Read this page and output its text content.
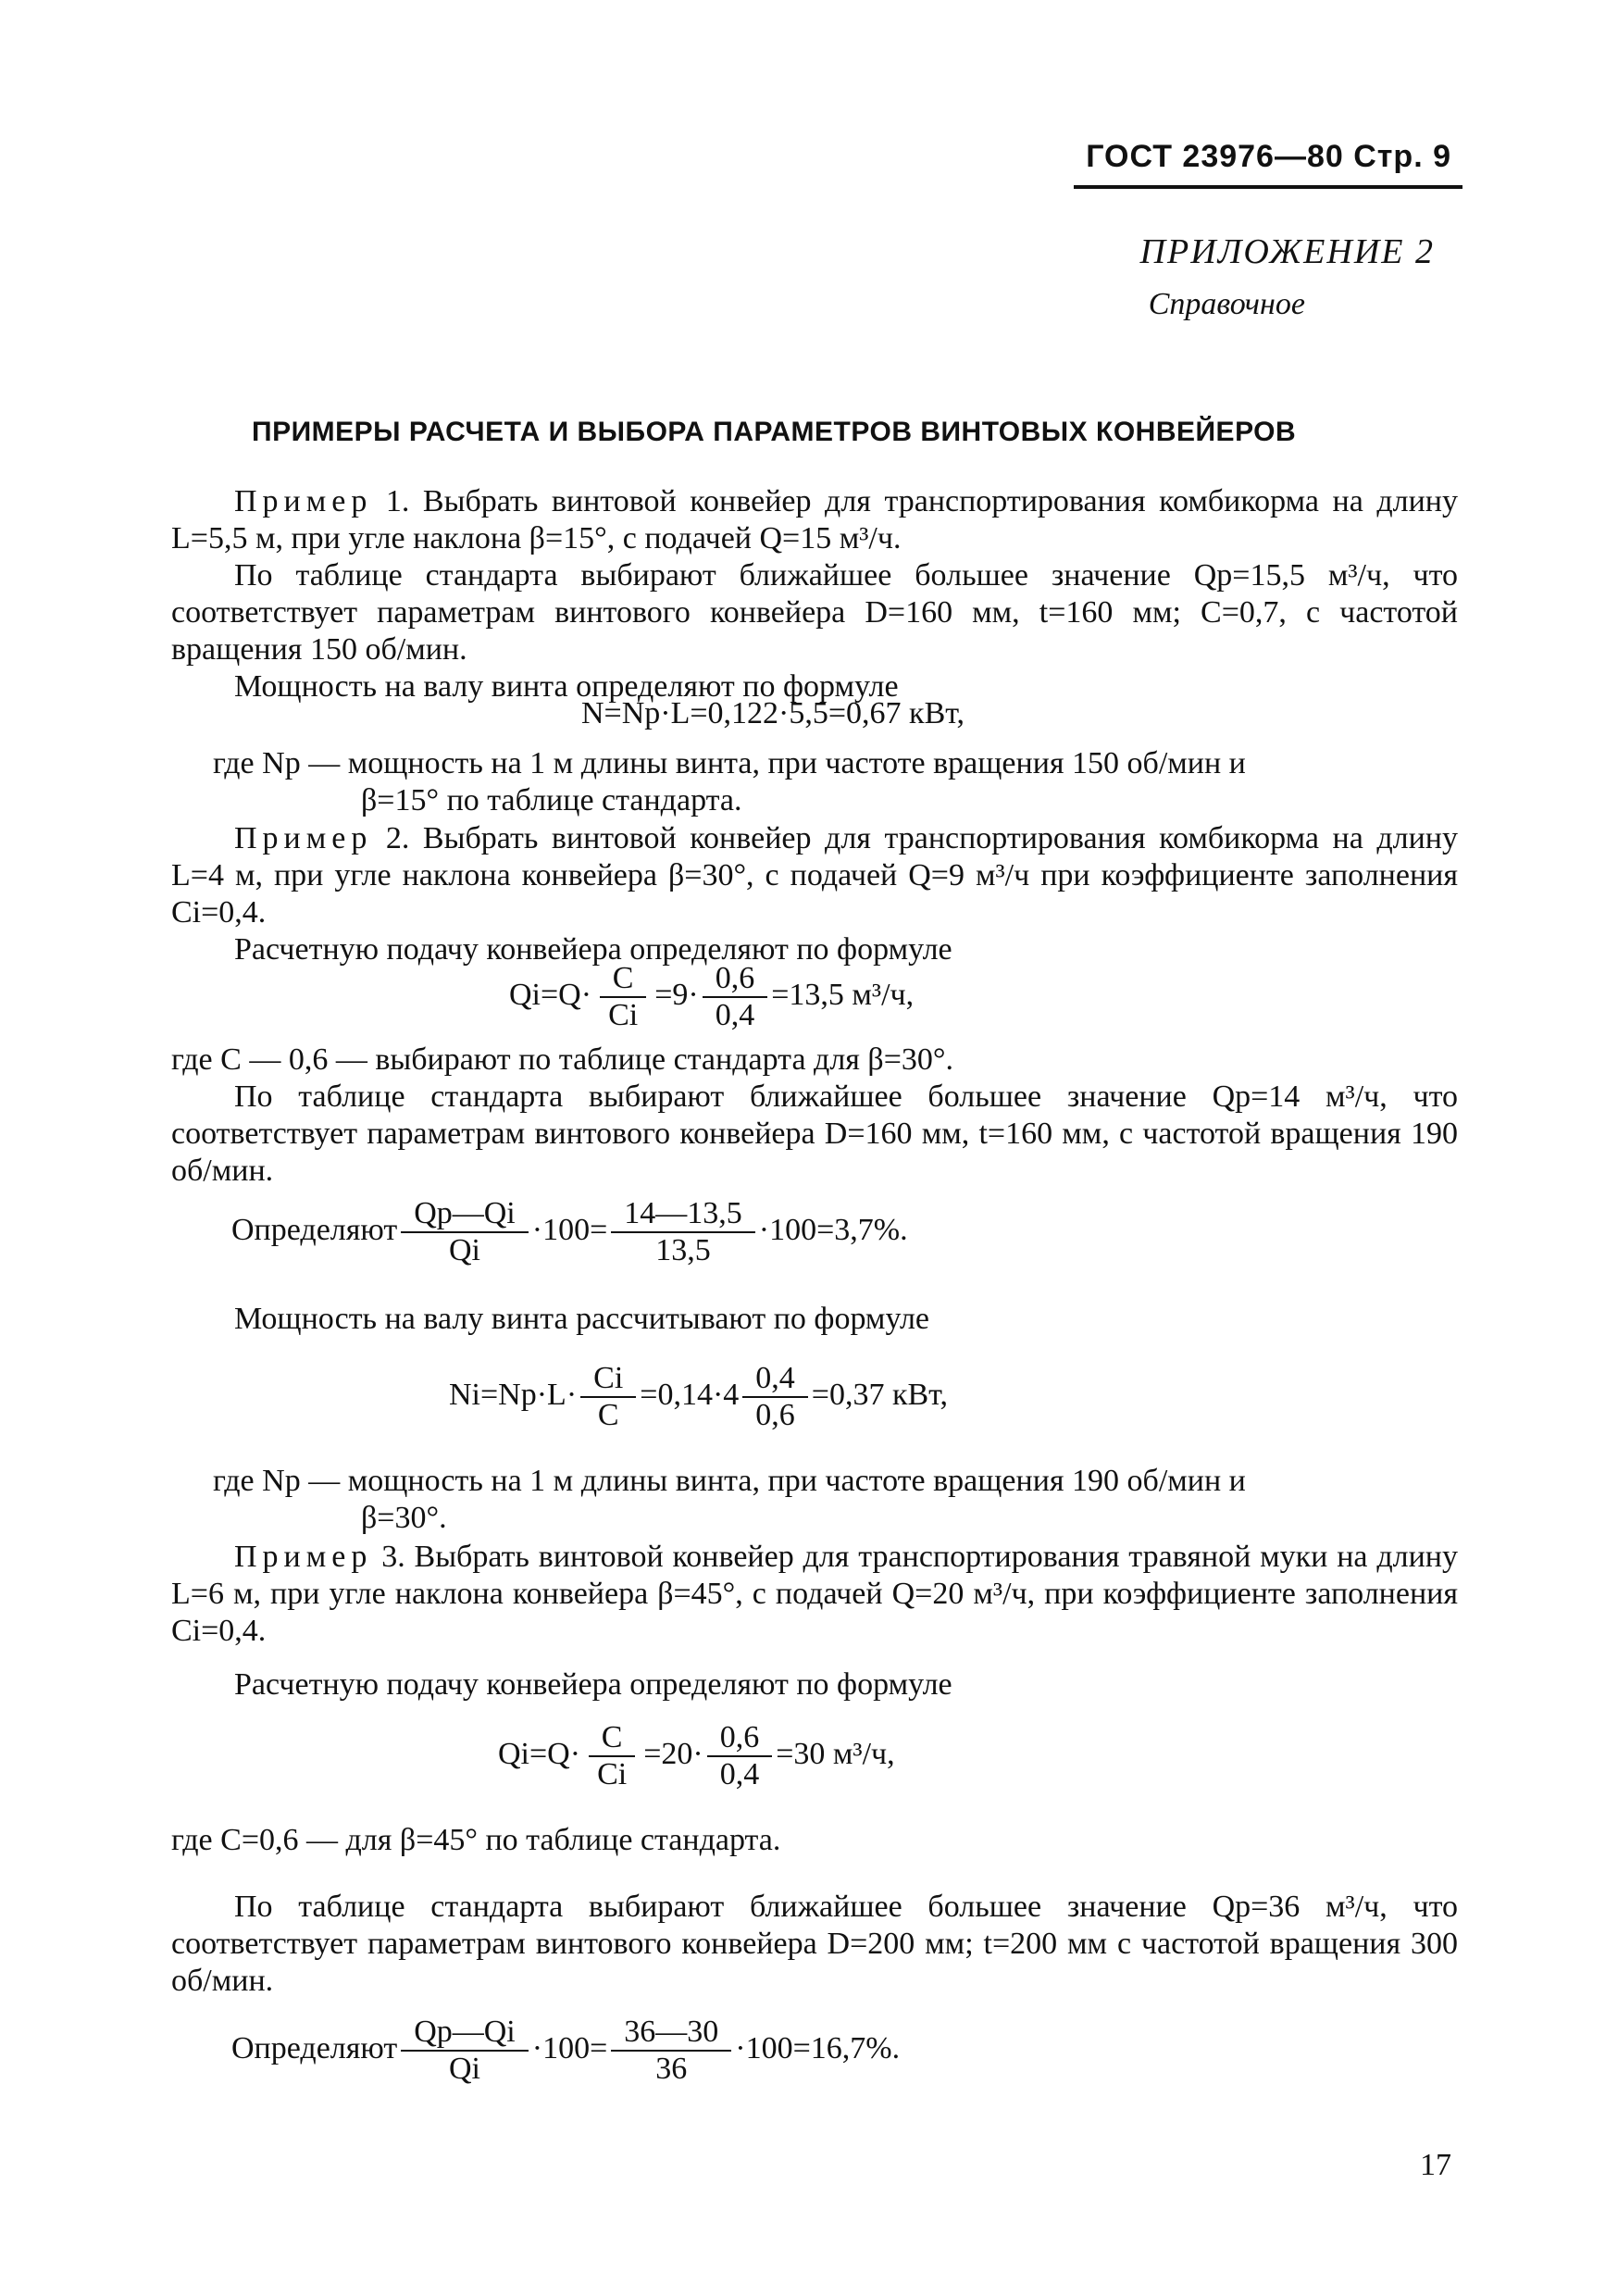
ГОСТ 23976—80 Стр. 9
ПРИЛОЖЕНИЕ 2
Справочное
ПРИМЕРЫ РАСЧЕТА И ВЫБОРА ПАРАМЕТРОВ ВИНТОВЫХ КОНВЕЙЕРОВ

Пример 1. Выбрать винтовой конвейер для транспортирования комбикорма на длину L=5,5 м, при угле наклона β=15°, с подачей Q=15 м³/ч.

По таблице стандарта выбирают ближайшее большее значение Qр=15,5 м³/ч, что соответствует параметрам винтового конвейера D=160 мм, t=160 мм; C=0,7, с частотой вращения 150 об/мин.

Мощность на валу винта определяют по формуле

N=Nр·L=0,122·5,5=0,67 кВт,
где Nр — мощность на 1 м длины винта, при частоте вращения 150 об/мин и
β=15° по таблице стандарта.

Пример 2. Выбрать винтовой конвейер для транспортирования комбикорма на длину L=4 м, при угле наклона конвейера β=30°, с подачей Q=9 м³/ч при коэффициенте заполнения Сi=0,4.

Расчетную подачу конвейера определяют по формуле

$Qi=Q\cdot \frac{C}{Ci} =9\cdot \frac{0,6}{0,4} =13,5$ м³/ч,

где C — 0,6 — выбирают по таблице стандарта для β=30°.

По таблице стандарта выбирают ближайшее большее значение Qр=14 м³/ч, что соответствует параметрам винтового конвейера D=160 мм, t=160 мм, с частотой вращения 190 об/мин.

Определяют $\frac{Qр—Qi}{Qi} \cdot 100= \frac{14—13,5}{13,5} \cdot 100=3,7\%$.

Мощность на валу винта рассчитывают по формуле

$Ni=Nр\cdot L\cdot \frac{Ci}{C} =0,14\cdot 4 \frac{0,4}{0,6} =0,37$ кВт,
где Nр — мощность на 1 м длины винта, при частоте вращения 190 об/мин и
β=30°.

Пример 3. Выбрать винтовой конвейер для транспортирования травяной муки на длину L=6 м, при угле наклона конвейера β=45°, с подачей Q=20 м³/ч, при коэффициенте заполнения Сi=0,4.

Расчетную подачу конвейера определяют по формуле

$Qi=Q\cdot \frac{C}{Ci} =20\cdot \frac{0,6}{0,4} =30$ м³/ч,

где C=0,6 — для β=45° по таблице стандарта.

По таблице стандарта выбирают ближайшее большее значение Qр=36 м³/ч, что соответствует параметрам винтового конвейера D=200 мм; t=200 мм с частотой вращения 300 об/мин.

Определяют $\frac{Qр—Qi}{Qi} \cdot 100= \frac{36—30}{36} \cdot 100=16,7\%$.
17
